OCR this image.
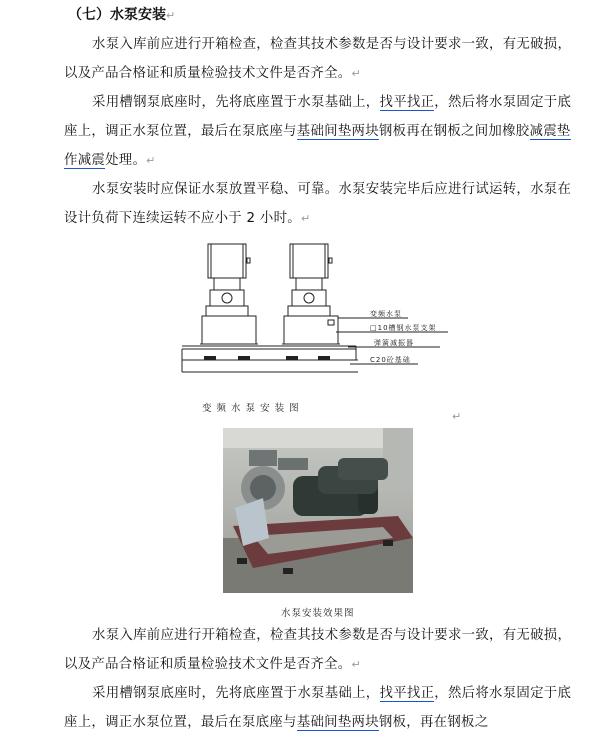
（七）水泵安装↵

水泵入库前应进行开箱检查，检查其技术参数是否与设计要求一致，有无破损，以及产品合格证和质量检验技术文件是否齐全。↵

采用槽钢泵底座时，先将底座置于水泵基础上，找平找正，然后将水泵固定于底座上，调正水泵位置，最后在泵底座与基础间垫两块钢板再在钢板之间加橡胶减震垫作减震处理。↵

水泵安装时应保证水泵放置平稳、可靠。水泵安装完毕后应进行试运转，水泵在设计负荷下连续运转不应小于 2 小时。↵

变频水泵
□10槽钢水泵支架
弹簧减振器
C20砼基础
变 频 水 泵 安 装 图
↵
水泵安装效果图

水泵入库前应进行开箱检查，检查其技术参数是否与设计要求一致，有无破损，以及产品合格证和质量检验技术文件是否齐全。↵

采用槽钢泵底座时，先将底座置于水泵基础上，找平找正，然后将水泵固定于底座上，调正水泵位置，最后在泵底座与基础间垫两块钢板，再在钢板之
